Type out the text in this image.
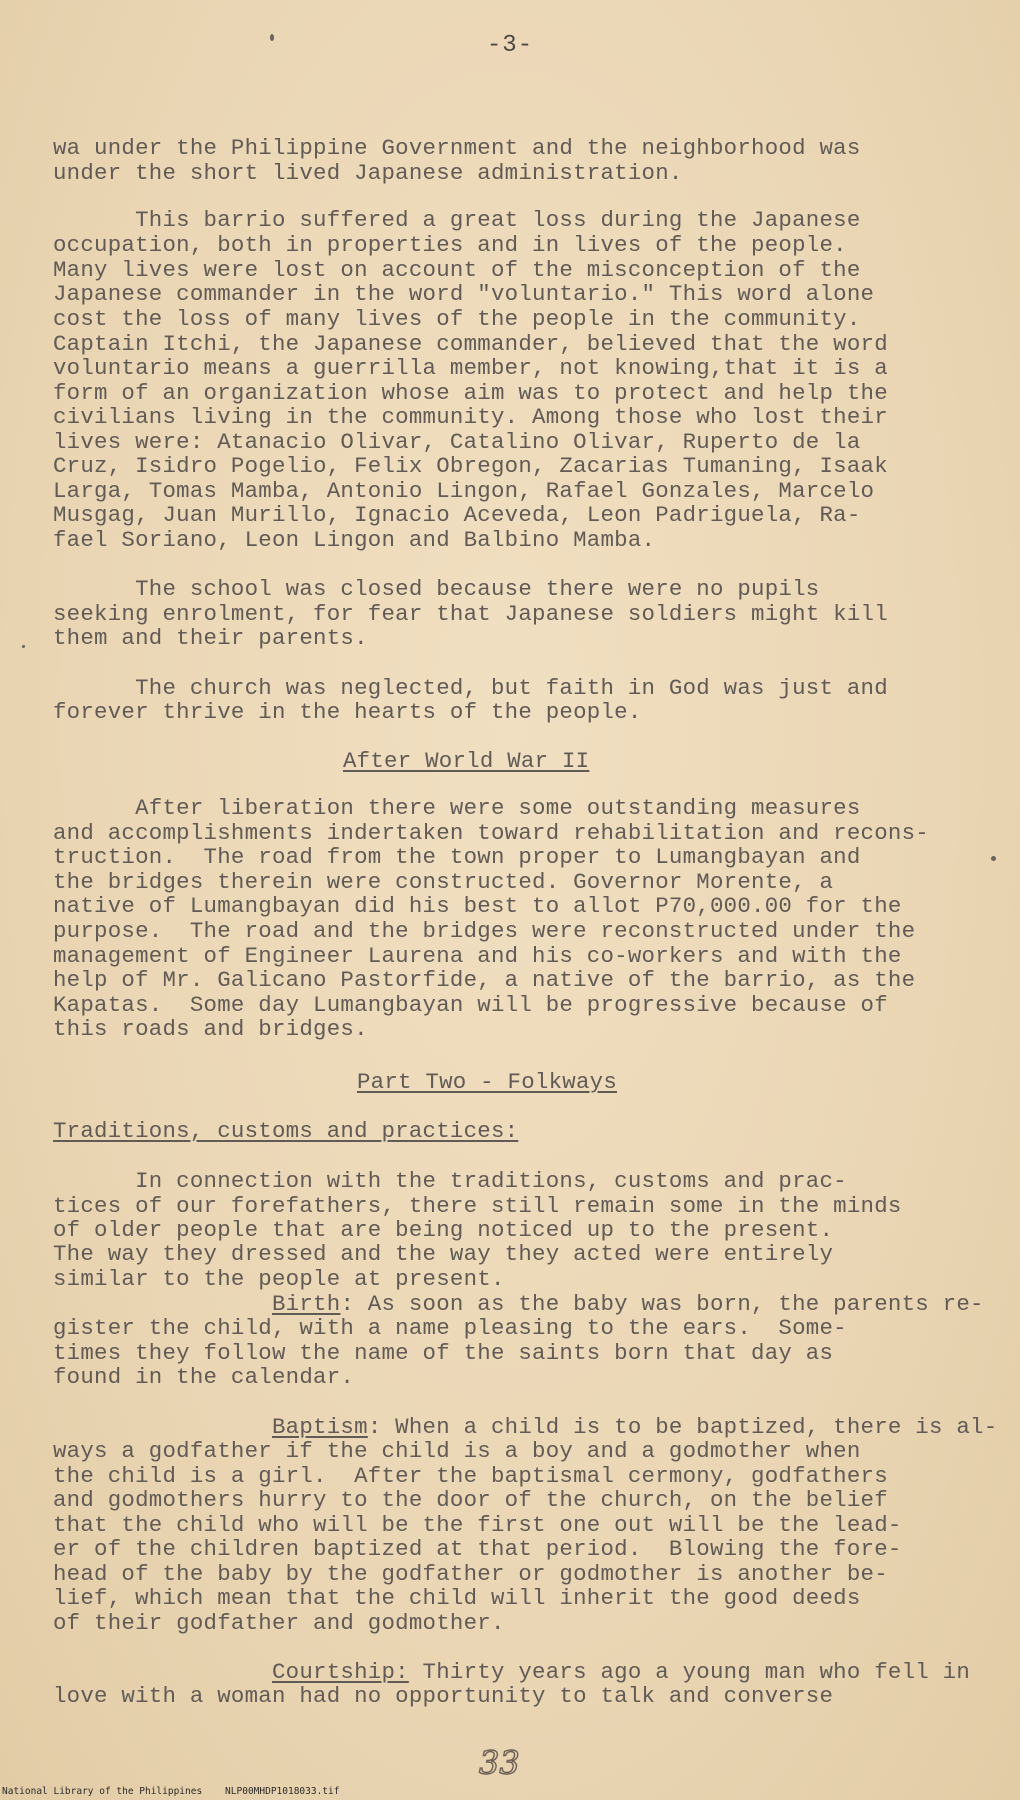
-3-
wa under the Philippine Government and the neighborhood was
under the short lived Japanese administration.
This barrio suffered a great loss during the Japanese
occupation, both in properties and in lives of the people.
Many lives were lost on account of the misconception of the
Japanese commander in the word "voluntario." This word alone
cost the loss of many lives of the people in the community.
Captain Itchi, the Japanese commander, believed that the word
voluntario means a guerrilla member, not knowing,that it is a
form of an organization whose aim was to protect and help the
civilians living in the community. Among those who lost their
lives were: Atanacio Olivar, Catalino Olivar, Ruperto de la
Cruz, Isidro Pogelio, Felix Obregon, Zacarias Tumaning, Isaak
Larga, Tomas Mamba, Antonio Lingon, Rafael Gonzales, Marcelo
Musgag, Juan Murillo, Ignacio Aceveda, Leon Padriguela, Ra-
fael Soriano, Leon Lingon and Balbino Mamba.
The school was closed because there were no pupils
seeking enrolment, for fear that Japanese soldiers might kill
them and their parents.
The church was neglected, but faith in God was just and
forever thrive in the hearts of the people.
After World War II
After liberation there were some outstanding measures
and accomplishments indertaken toward rehabilitation and recons-
truction.  The road from the town proper to Lumangbayan and
the bridges therein were constructed. Governor Morente, a
native of Lumangbayan did his best to allot P70,000.00 for the
purpose.  The road and the bridges were reconstructed under the
management of Engineer Laurena and his co-workers and with the
help of Mr. Galicano Pastorfide, a native of the barrio, as the
Kapatas.  Some day Lumangbayan will be progressive because of
this roads and bridges.
Part Two - Folkways
Traditions, customs and practices:
In connection with the traditions, customs and prac-
tices of our forefathers, there still remain some in the minds
of older people that are being noticed up to the present.
The way they dressed and the way they acted were entirely
similar to the people at present.
Birth: As soon as the baby was born, the parents re-
gister the child, with a name pleasing to the ears.  Some-
times they follow the name of the saints born that day as
found in the calendar.
Baptism: When a child is to be baptized, there is al-
ways a godfather if the child is a boy and a godmother when
the child is a girl.  After the baptismal cermony, godfathers
and godmothers hurry to the door of the church, on the belief
that the child who will be the first one out will be the lead-
er of the children baptized at that period.  Blowing the fore-
head of the baby by the godfather or godmother is another be-
lief, which mean that the child will inherit the good deeds
of their godfather and godmother.
Courtship: Thirty years ago a young man who fell in
love with a woman had no opportunity to talk and converse
33
National Library of the Philippines    NLP00MHDP1018033.tif
